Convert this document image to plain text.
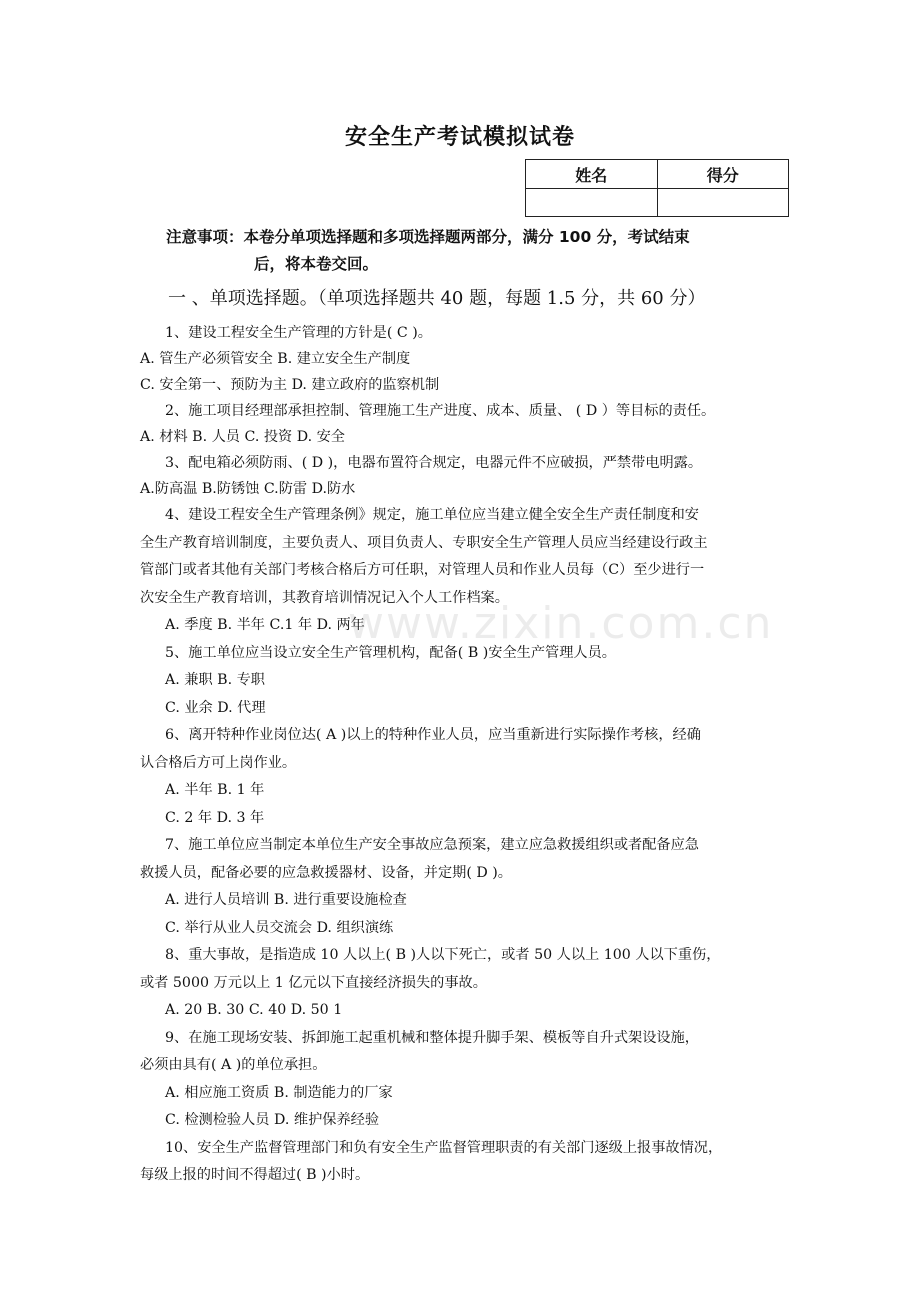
安全生产考试模拟试卷
姓名	得分

注意事项：本卷分单项选择题和多项选择题两部分，满分 100 分，考试结束
后，将本卷交回。
一 、单项选择题。（单项选择题共 40 题，每题 1.5 分，共 60 分）

1、建设工程安全生产管理的方针是( C )。

A. 管生产必须管安全 B. 建立安全生产制度

C. 安全第一、预防为主 D. 建立政府的监察机制

2、施工项目经理部承担控制、管理施工生产进度、成本、质量、 ( D ）等目标的责任。

A. 材料 B. 人员 C. 投资 D. 安全

3、配电箱必须防雨、( D )，电器布置符合规定，电器元件不应破损，严禁带电明露。

A.防高温 B.防锈蚀 C.防雷 D.防水

4、建设工程安全生产管理条例》规定，施工单位应当建立健全安全生产责任制度和安

全生产教育培训制度，主要负责人、项目负责人、专职安全生产管理人员应当经建设行政主

管部门或者其他有关部门考核合格后方可任职，对管理人员和作业人员每（C）至少进行一

次安全生产教育培训，其教育培训情况记入个人工作档案。

A. 季度 B. 半年 C.1 年 D. 两年

5、施工单位应当设立安全生产管理机构，配备( B )安全生产管理人员。

A. 兼职 B. 专职

C. 业余 D. 代理

6、离开特种作业岗位达( A )以上的特种作业人员，应当重新进行实际操作考核，经确

认合格后方可上岗作业。

A. 半年 B. 1 年

C. 2 年 D. 3 年

7、施工单位应当制定本单位生产安全事故应急预案，建立应急救援组织或者配备应急

救援人员，配备必要的应急救援器材、设备，并定期( D )。

A. 进行人员培训 B. 进行重要设施检查

C. 举行从业人员交流会 D. 组织演练

8、重大事故，是指造成 10 人以上( B )人以下死亡，或者 50 人以上 100 人以下重伤，

或者 5000 万元以上 1 亿元以下直接经济损失的事故。

A. 20 B. 30 C. 40 D. 50 1

9、在施工现场安装、拆卸施工起重机械和整体提升脚手架、模板等自升式架设设施，

必须由具有( A )的单位承担。

A. 相应施工资质 B. 制造能力的厂家

C. 检测检验人员 D. 维护保养经验

10、安全生产监督管理部门和负有安全生产监督管理职责的有关部门逐级上报事故情况，

每级上报的时间不得超过( B )小时。

www.zixin.com.cn
